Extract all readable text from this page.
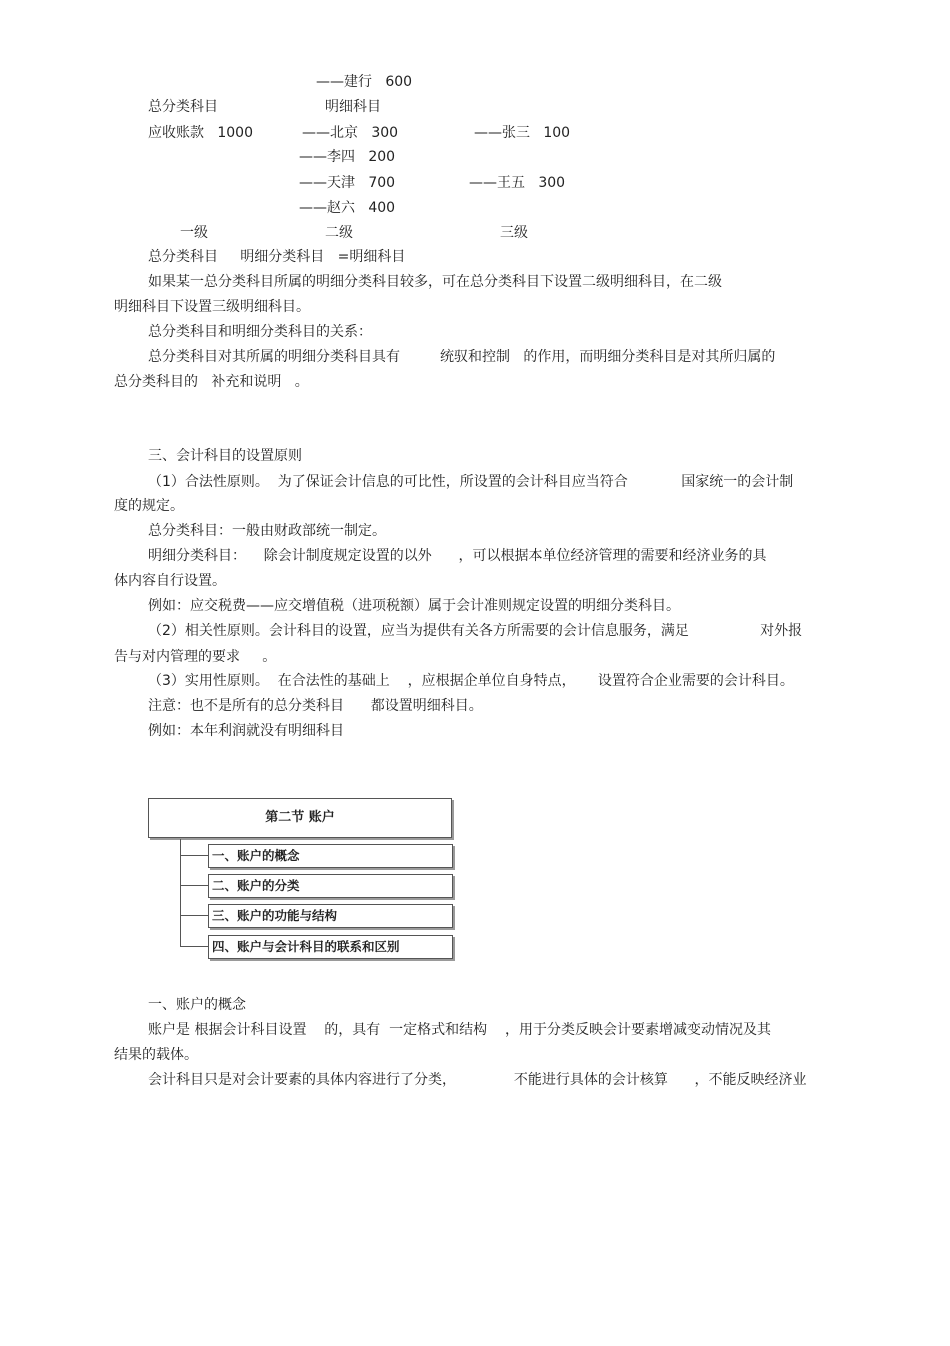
——建行   600
总分类科目	明细科目
应收账款   1000	——北京   300	——张三   100
——李四   200
——天津   700	——王五   300
——赵六   400
一级	二级	三级
总分类科目     明细分类科目   =明细科目
如果某一总分类科目所属的明细分类科目较多，可在总分类科目下设置二级明细科目，在二级
明细科目下设置三级明细科目。
总分类科目和明细分类科目的关系：
总分类科目对其所属的明细分类科目具有         统驭和控制   的作用，而明细分类科目是对其所归属的
总分类科目的   补充和说明   。
三、会计科目的设置原则
（1）合法性原则。  为了保证会计信息的可比性，所设置的会计科目应当符合            国家统一的会计制
度的规定。
总分类科目：一般由财政部统一制定。
明细分类科目：    除会计制度规定设置的以外      ，可以根据本单位经济管理的需要和经济业务的具
体内容自行设置。
例如：应交税费——应交增值税（进项税额）属于会计准则规定设置的明细分类科目。
（2）相关性原则。会计科目的设置，应当为提供有关各方所需要的会计信息服务，满足                对外报
告与对内管理的要求     。
（3）实用性原则。  在合法性的基础上    ，应根据企单位自身特点，     设置符合企业需要的会计科目。
注意：也不是所有的总分类科目      都设置明细科目。
例如：本年利润就没有明细科目
第二节 账户
一、账户的概念
二、账户的分类
三、账户的功能与结构
四、账户与会计科目的联系和区别
一、账户的概念
账户是 根据会计科目设置    的，具有  一定格式和结构    ，用于分类反映会计要素增减变动情况及其
结果的载体。
会计科目只是对会计要素的具体内容进行了分类，             不能进行具体的会计核算      ，不能反映经济业
